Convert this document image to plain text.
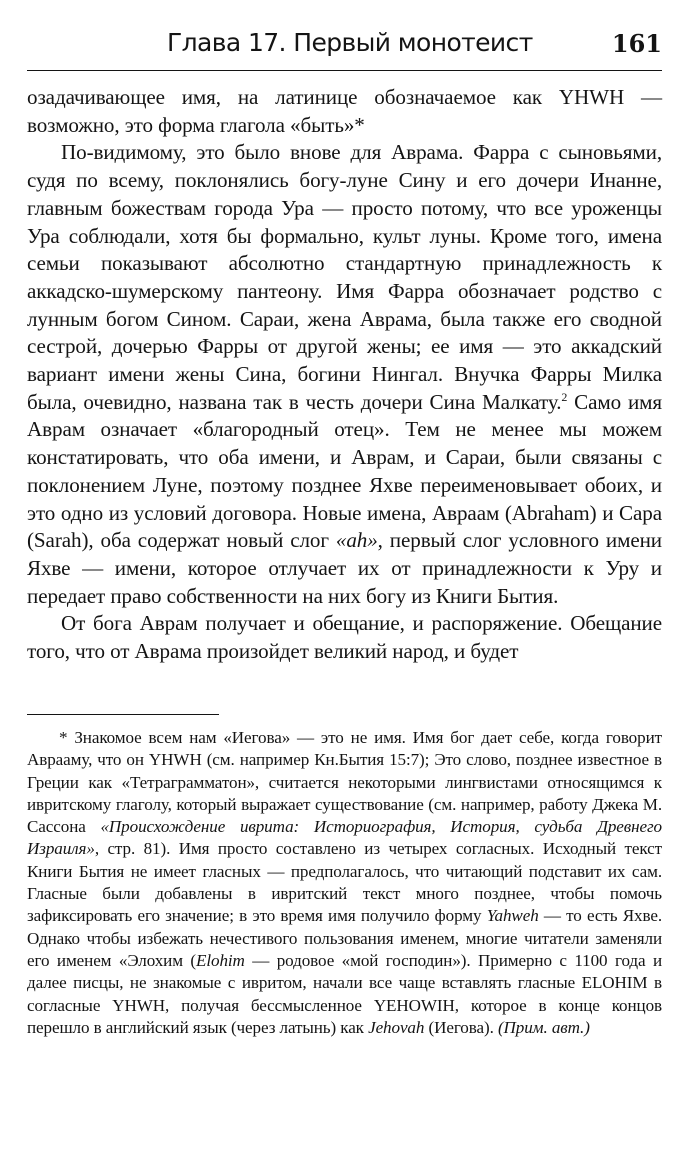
Глава 17. Первый монотеист	161

озадачивающее имя, на латинице обозначаемое как YHWH — возможно, это форма глагола «быть»*

По-видимому, это было внове для Аврама. Фарра с сыновьями, судя по всему, поклонялись богу-луне Сину и его дочери Инанне, главным божествам города Ура — просто потому, что все уроженцы Ура соблюдали, хотя бы формально, культ луны. Кроме того, имена семьи показывают абсолютно стандартную принадлежность к аккадско-шумерскому пантеону. Имя Фарра обозначает родство с лунным богом Сином. Сараи, жена Аврама, была также его сводной сестрой, дочерью Фарры от другой жены; ее имя — это аккадский вариант имени жены Сина, богини Нингал. Внучка Фарры Милка была, очевидно, названа так в честь дочери Сина Малкату.$^2$ Само имя Аврам означает «благородный отец». Тем не менее мы можем констатировать, что оба имени, и Аврам, и Сараи, были связаны с поклонением Луне, поэтому позднее Яхве переименовывает обоих, и это одно из условий договора. Новые имена, Авраам (Abraham) и Сара (Sarah), оба содержат новый слог «ah», первый слог условного имени Яхве — имени, которое отлучает их от принадлежности к Уру и передает право собственности на них богу из Книги Бытия.

От бога Аврам получает и обещание, и распоряжение. Обещание того, что от Аврама произойдет великий народ, и будет

* Знакомое всем нам «Иегова» — это не имя. Имя бог дает себе, когда говорит Аврааму, что он YHWH (см. например Кн.Бытия 15:7); Это слово, позднее известное в Греции как «Тетраграмматон», считается некоторыми лингвистами относящимся к ивритскому глаголу, который выражает существование (см. например, работу Джека М. Сассона «Происхождение иврита: Историография, История, судьба Древнего Израиля», стр. 81). Имя просто составлено из четырех согласных. Исходный текст Книги Бытия не имеет гласных — предполагалось, что читающий подставит их сам. Гласные были добавлены в ивритский текст много позднее, чтобы помочь зафиксировать его значение; в это время имя получило форму Yahweh — то есть Яхве. Однако чтобы избежать нечестивого пользования именем, многие читатели заменяли его именем «Элохим (Elohim — родовое «мой господин»). Примерно с 1100 года и далее писцы, не знакомые с ивритом, начали все чаще вставлять гласные ELOHIM в согласные YHWH, получая бессмысленное YEHOWIH, которое в конце концов перешло в английский язык (через латынь) как Jehovah (Иегова). (Прим. авт.)
